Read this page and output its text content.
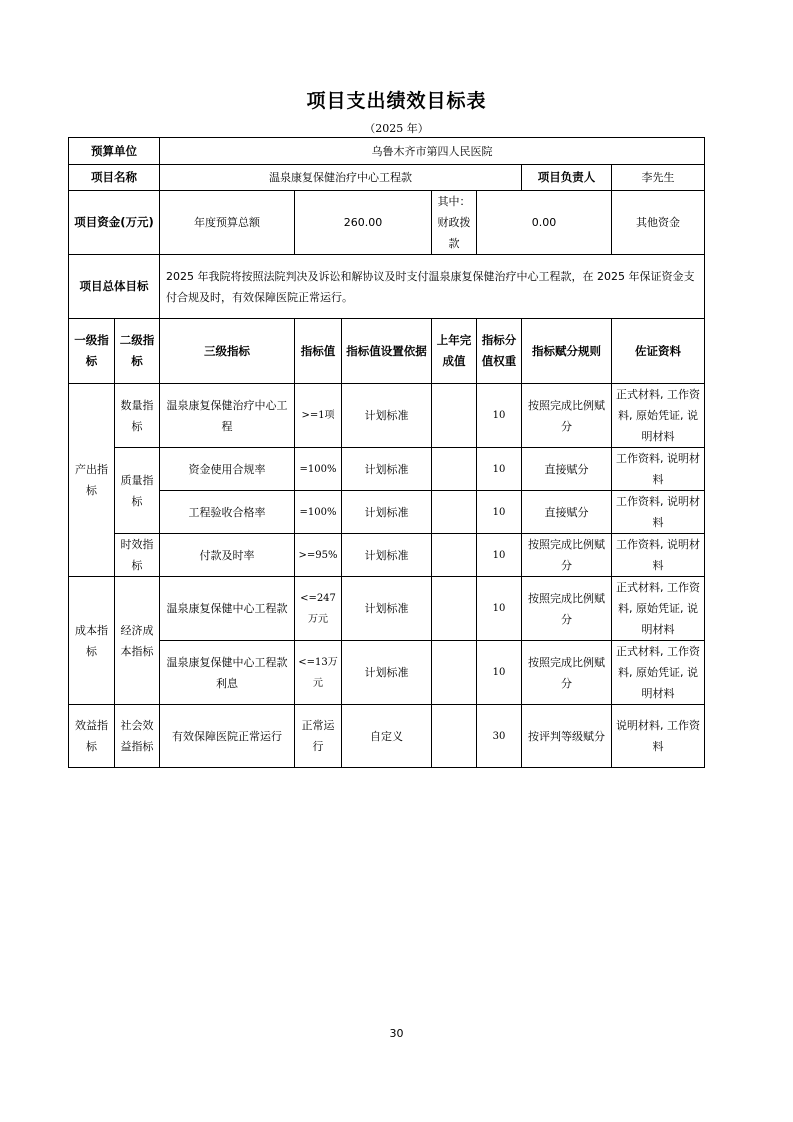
项目支出绩效目标表
（2025 年）
预算单位		乌鲁木齐市第四人民医院							
项目名称		温泉康复保健治疗中心工程款					项目负责人	李先生	
项目资金(万元)		年度预算总额	260.00		其中：财政拨款	0.00		其他资金	
项目总体目标		2025 年我院将按照法院判决及诉讼和解协议及时支付温泉康复保健治疗中心工程款，在 2025 年保证资金支付合规及时，有效保障医院正常运行。							
一级指标	二级指标	三级指标	指标值	指标值设置依据	上年完成值	指标分值权重	指标赋分规则	佐证资料	
产出指标	数量指标	温泉康复保健治疗中心工程	>=1项	计划标准		10	按照完成比例赋分	正式材料, 工作资料, 原始凭证, 说明材料	
	质量指标	资金使用合规率	=100%	计划标准		10	直接赋分	工作资料, 说明材料	
		工程验收合格率	=100%	计划标准		10	直接赋分	工作资料, 说明材料	
	时效指标	付款及时率	>=95%	计划标准		10	按照完成比例赋分	工作资料, 说明材料	
成本指标	经济成本指标	温泉康复保健中心工程款	<=247万元	计划标准		10	按照完成比例赋分	正式材料, 工作资料, 原始凭证, 说明材料	
		温泉康复保健中心工程款利息	<=13万元	计划标准		10	按照完成比例赋分	正式材料, 工作资料, 原始凭证, 说明材料	
效益指标	社会效益指标	有效保障医院正常运行	正常运行	自定义		30	按评判等级赋分	说明材料, 工作资料	
30
